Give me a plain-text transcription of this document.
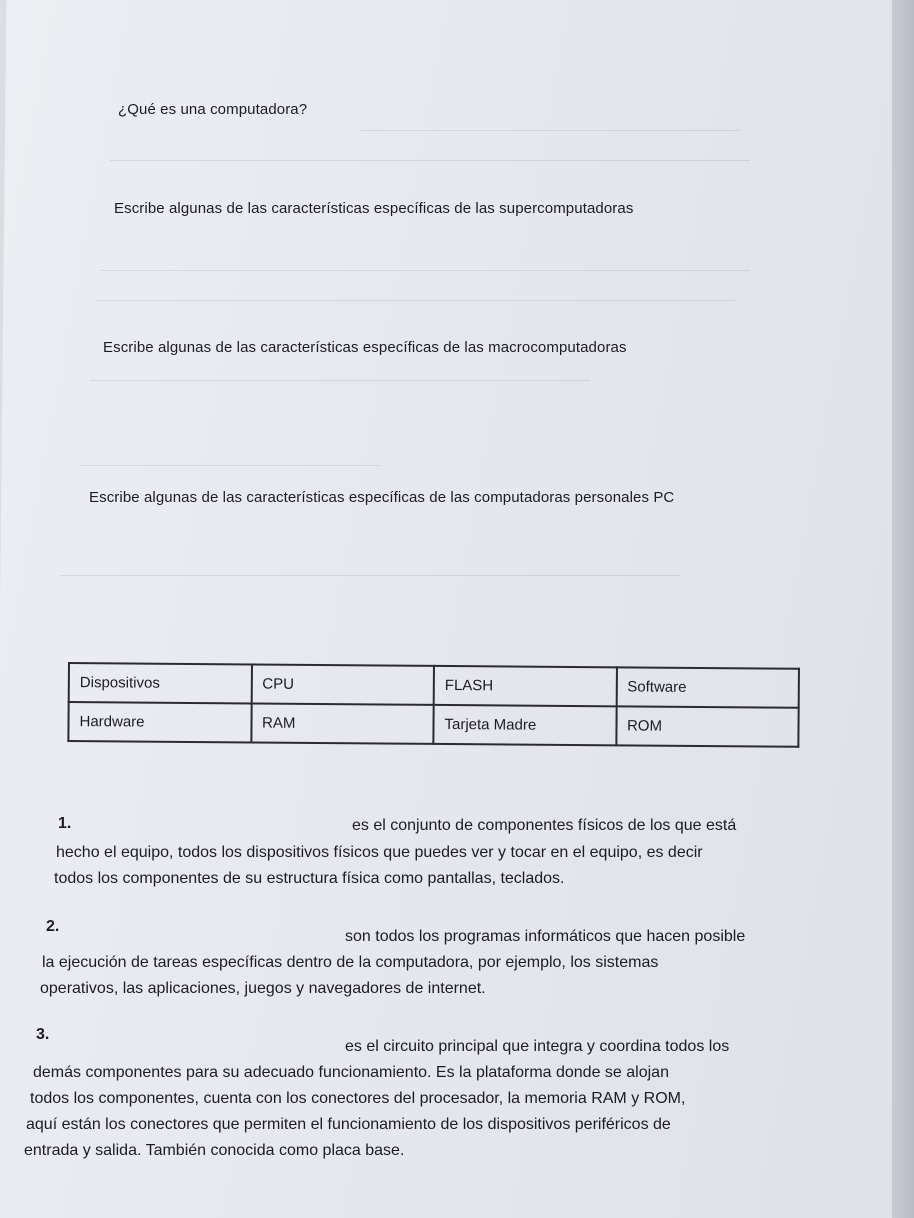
¿Qué es una computadora?
Escribe algunas de las características específicas de las supercomputadoras
Escribe algunas de las características específicas de las macrocomputadoras
Escribe algunas de las características específicas de las computadoras personales PC
Dispositivos	CPU	FLASH	Software
Hardware	RAM	Tarjeta Madre	ROM
1.	es el conjunto de componentes físicos de los que está
hecho el equipo, todos los dispositivos físicos que puedes ver y tocar en el equipo, es decir
todos los componentes de su estructura física como pantallas, teclados.
2.
son todos los programas informáticos que hacen posible
la ejecución de tareas específicas dentro de la computadora, por ejemplo, los sistemas
operativos, las aplicaciones, juegos y navegadores de internet.
3.
es el circuito principal que integra y coordina todos los
demás componentes para su adecuado funcionamiento. Es la plataforma donde se alojan
todos los componentes, cuenta con los conectores del procesador, la memoria RAM y ROM,
aquí están los conectores que permiten el funcionamiento de los dispositivos periféricos de
entrada y salida. También conocida como placa base.
